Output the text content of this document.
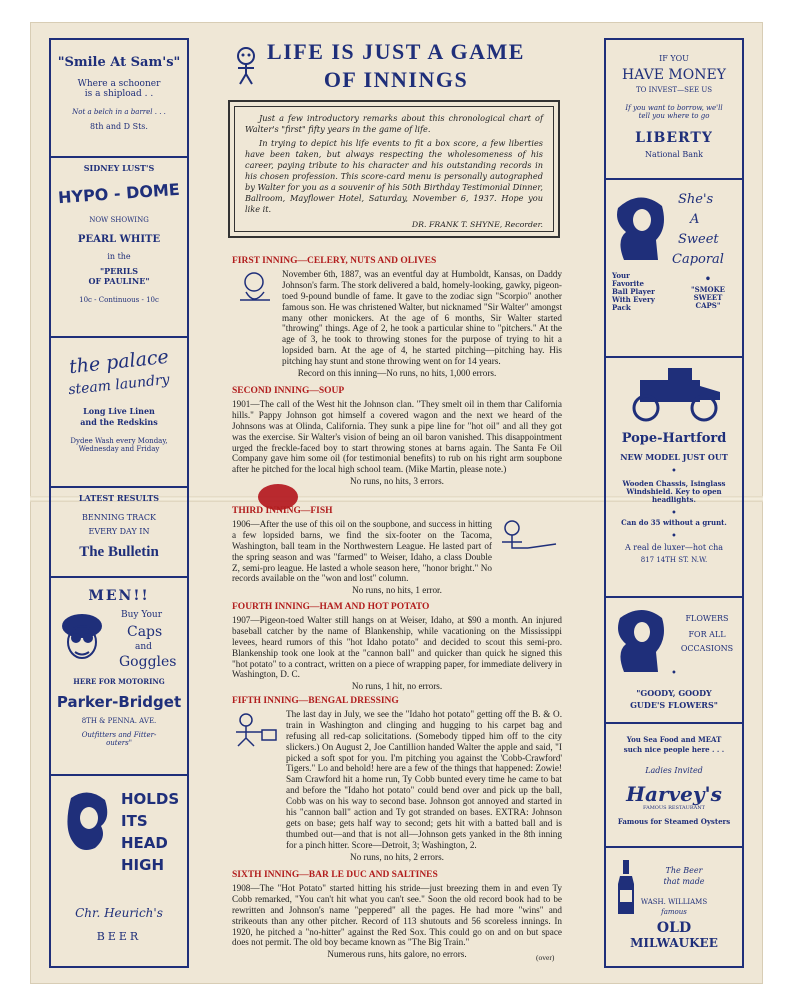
"Smile At Sam's"
Where a schooner
is a shipload . .
Not a belch in a barrel . . .
8th and D Sts.
SIDNEY LUST'S
HYPO - DOME
NOW SHOWING
PEARL WHITE
in the
"PERILS
OF PAULINE"
10c - Continuous - 10c
the palace
steam laundry
Long Live Linen
and the Redskins
Dydee Wash every Monday,
Wednesday and Friday
LATEST RESULTS
BENNING TRACK
EVERY DAY IN
The Bulletin
MEN!!
Buy Your
Caps
and
Goggles
HERE FOR MOTORING
Parker-Bridget
8TH & PENNA. AVE.
Outfitters and Fitter-
outers"
HOLDS
ITS
HEAD
HIGH
Chr. Heurich's
BEER
IF YOU
HAVE MONEY
TO INVEST—SEE US
If you want to borrow, we'll
tell you where to go
LIBERTY
National Bank
She's
A
Sweet
Caporal
Your
Favorite
Ball Player
With Every
Pack
•
"SMOKE
SWEET
CAPS"
Pope-Hartford
NEW MODEL JUST OUT
•
Wooden Chassis, Isinglass
Windshield. Key to open
headlights.
•
Can do 35 without a grunt.
•
A real de luxer—hot cha
817 14TH ST. N.W.
FLOWERS
FOR ALL
OCCASIONS
•
"GOODY, GOODY
GUDE'S FLOWERS"
You Sea Food and MEAT
such nice people here . . .
Ladies Invited
Harvey's
FAMOUS RESTAURANT
Famous for Steamed Oysters
The Beer
that made
WASH. WILLIAMS
famous
OLD
MILWAUKEE
LIFE IS JUST A GAME
OF INNINGS
Just a few introductory remarks about this chronological chart of Walter's "first" fifty years in the game of life.
In trying to depict his life events to fit a box score, a few liberties have been taken, but always respecting the wholesomeness of his career, paying tribute to his character and his outstanding records in his chosen profession. This score-card menu is personally autographed by Walter for you as a souvenir of his 50th Birthday Testimonial Dinner, Ballroom, Mayflower Hotel, Saturday, November 6, 1937. Hope you like it.
DR. FRANK T. SHYNE, Recorder.
FIRST INNING—CELERY, NUTS AND OLIVES
November 6th, 1887, was an eventful day at Humboldt, Kansas, on Daddy Johnson's farm. The stork delivered a bald, homely-looking, gawky, pigeon-toed 9-pound bundle of fame. It gave to the zodiac sign "Scorpio" another famous son. He was christened Walter, but nicknamed "Sir Walter" amongst many other monickers. At the age of 6 months, Sir Walter started "throwing" things. Age of 2, he took a particular shine to "pitchers." At the age of 3, he took to throwing stones for the purpose of trying to hit a lopsided barn. At the age of 4, he started pitching—pitching hay. His pitching hay stunt and stone throwing went on for 14 years.
Record on this inning—No runs, no hits, 1,000 errors.
SECOND INNING—SOUP
1901—The call of the West hit the Johnson clan. "They smelt oil in them thar California hills." Pappy Johnson got himself a covered wagon and the next we heard of the Johnsons was at Olinda, California. They sunk a pipe line for "hot oil" and all they got was the exercise. Sir Walter's vision of being an oil baron vanished. This disappointment urged the freckle-faced boy to start throwing stones at barns again. The Santa Fe Oil Company gave him some oil (for testimonial benefits) to rub on his right arm soupbone after he pitched for the local high school team. (Mike Martin, please note.)
No runs, no hits, 3 errors.
THIRD INNING—FISH
1906—After the use of this oil on the soupbone, and success in hitting a few lopsided barns, we find the six-footer on the Tacoma, Washington, ball team in the Northwestern League. He lasted part of the spring season and was "farmed" to Weiser, Idaho, a class Double Z, semi-pro league. He lasted a whole season here, "honor bright." No records available on the "won and lost" column.
No runs, no hits, 1 error.
FOURTH INNING—HAM AND HOT POTATO
1907—Pigeon-toed Walter still hangs on at Weiser, Idaho, at $90 a month. An injured baseball catcher by the name of Blankenship, while vacationing on the Mississippi levees, heard rumors of this "hot Idaho potato" and decided to scout this semi-pro. Blankenship took one look at the "cannon ball" and quicker than quick he signed this "hot potato" to a contract, written on a piece of wrapping paper, for immediate delivery in Washington, D. C.
No runs, 1 hit, no errors.
FIFTH INNING—BENGAL DRESSING
The last day in July, we see the "Idaho hot potato" getting off the B. & O. train in Washington and clinging and hugging to his carpet bag and refusing all red-cap solicitations. (Somebody tipped him off to the city slickers.) On August 2, Joe Cantillion handed Walter the apple and said, "I picked a soft spot for you. I'm pitching you against the 'Cobb-Crawford' Tigers." Lo and behold! here are a few of the things that happened: Zowie! Sam Crawford hit a home run, Ty Cobb bunted every time he came to bat and before the "Idaho hot potato" could bend over and pick up the ball, Cobb was on his way to second base. Johnson got annoyed and started in his "cannon ball" action and Ty got stranded on bases. EXTRA: Johnson gets on base; gets half way to second; gets hit with a batted ball and is thumbed out—and that is not all—Johnson gets yanked in the 8th inning for a pinch hitter. Score—Detroit, 3; Washington, 2.
No runs, no hits, 2 errors.
SIXTH INNING—BAR LE DUC AND SALTINES
1908—The "Hot Potato" started hitting his stride—just breezing them in and even Ty Cobb remarked, "You can't hit what you can't see." Soon the old record book had to be rewritten and Johnson's name "peppered" all the pages. He had more "wins" and strikeouts than any other pitcher. Record of 113 shutouts and 56 scoreless innings. In 1920, he pitched a "no-hitter" against the Red Sox. This could go on and on but space does not permit. The old boy became known as "The Big Train."
Numerous runs, hits galore, no errors.	(over)
